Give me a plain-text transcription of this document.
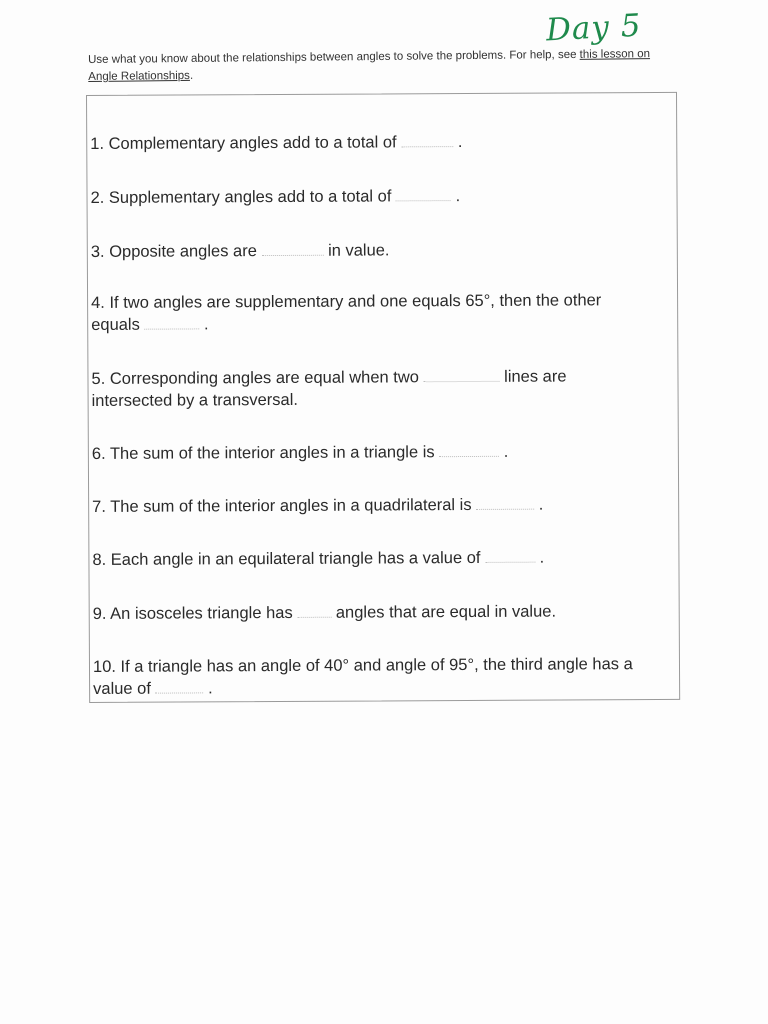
Day 5
Use what you know about the relationships between angles to solve the problems. For help, see this lesson on Angle Relationships.
1. Complementary angles add to a total of	.
2. Supplementary angles add to a total of	.
3. Opposite angles are	in value.
4. If two angles are supplementary and one equals 65°, then the other equals	.
5. Corresponding angles are equal when two	lines are intersected by a transversal.
6. The sum of the interior angles in a triangle is	.
7. The sum of the interior angles in a quadrilateral is	.
8. Each angle in an equilateral triangle has a value of	.
9. An isosceles triangle has	angles that are equal in value.
10. If a triangle has an angle of 40° and angle of 95°, the third angle has a value of	.
